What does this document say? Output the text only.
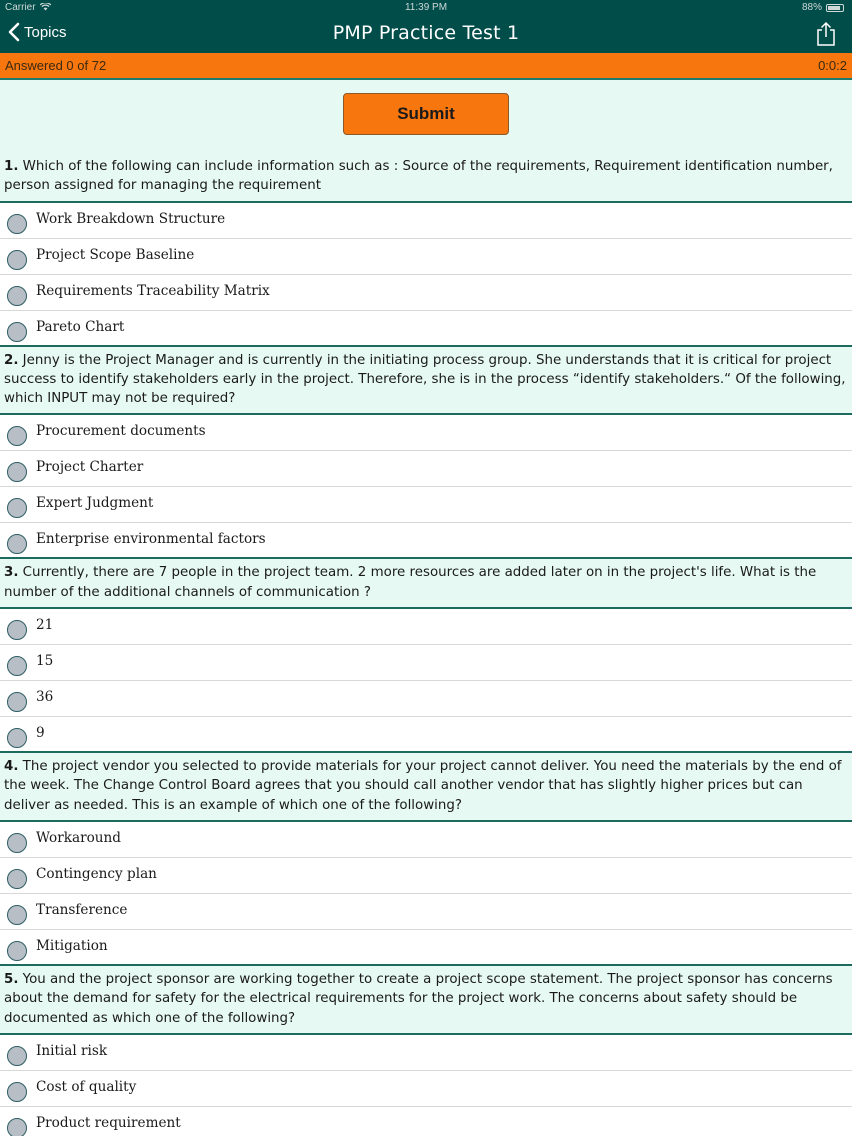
Carrier	11:39 PM	88%
Topics	PMP Practice Test 1
Answered 0 of 72	0:0:2
Submit
1. Which of the following can include information such as : Source of the requirements, Requirement identification number, person assigned for managing the requirement
Work Breakdown Structure
Project Scope Baseline
Requirements Traceability Matrix
Pareto Chart
2. Jenny is the Project Manager and is currently in the initiating process group. She understands that it is critical for project success to identify stakeholders early in the project. Therefore, she is in the process “identify stakeholders.“ Of the following, which INPUT may not be required?
Procurement documents
Project Charter
Expert Judgment
Enterprise environmental factors
3. Currently, there are 7 people in the project team. 2 more resources are added later on in the project's life. What is the number of the additional channels of communication ?
21
15
36
9
4. The project vendor you selected to provide materials for your project cannot deliver. You need the materials by the end of the week. The Change Control Board agrees that you should call another vendor that has slightly higher prices but can deliver as needed. This is an example of which one of the following?
Workaround
Contingency plan
Transference
Mitigation
5. You and the project sponsor are working together to create a project scope statement. The project sponsor has concerns about the demand for safety for the electrical requirements for the project work. The concerns about safety should be documented as which one of the following?
Initial risk
Cost of quality
Product requirement
